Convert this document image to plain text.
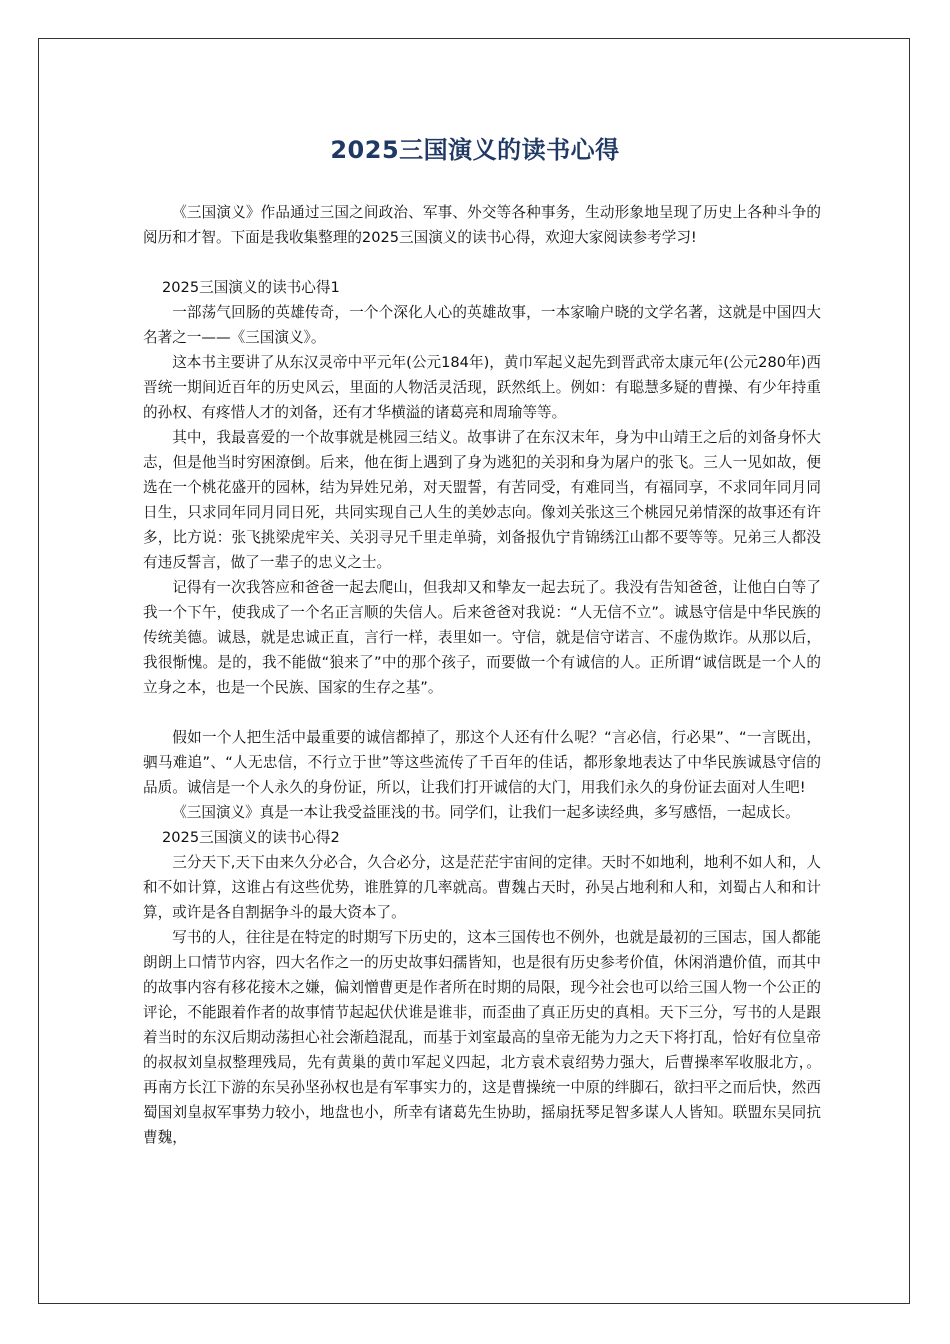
2025三国演义的读书心得

《三国演义》作品通过三国之间政治、军事、外交等各种事务，生动形象地呈现了历史上各种斗争的阅历和才智。下面是我收集整理的2025三国演义的读书心得，欢迎大家阅读参考学习!

2025三国演义的读书心得1

一部荡气回肠的英雄传奇，一个个深化人心的英雄故事，一本家喻户晓的文学名著，这就是中国四大名著之一——《三国演义》。

这本书主要讲了从东汉灵帝中平元年(公元184年)，黄巾军起义起先到晋武帝太康元年(公元280年)西晋统一期间近百年的历史风云，里面的人物活灵活现，跃然纸上。例如：有聪慧多疑的曹操、有少年持重的孙权、有疼惜人才的刘备，还有才华横溢的诸葛亮和周瑜等等。

其中，我最喜爱的一个故事就是桃园三结义。故事讲了在东汉末年，身为中山靖王之后的刘备身怀大志，但是他当时穷困潦倒。后来，他在街上遇到了身为逃犯的关羽和身为屠户的张飞。三人一见如故，便选在一个桃花盛开的园林，结为异姓兄弟，对天盟誓，有苦同受，有难同当，有福同享，不求同年同月同日生，只求同年同月同日死，共同实现自己人生的美妙志向。像刘关张这三个桃园兄弟情深的故事还有许多，比方说：张飞挑梁虎牢关、关羽寻兄千里走单骑，刘备报仇宁肯锦绣江山都不要等等。兄弟三人都没有违反誓言，做了一辈子的忠义之士。

记得有一次我答应和爸爸一起去爬山，但我却又和挚友一起去玩了。我没有告知爸爸，让他白白等了我一个下午，使我成了一个名正言顺的失信人。后来爸爸对我说：“人无信不立”。诚恳守信是中华民族的传统美德。诚恳，就是忠诚正直，言行一样，表里如一。守信，就是信守诺言、不虚伪欺诈。从那以后，我很惭愧。是的，我不能做“狼来了”中的那个孩子，而要做一个有诚信的人。正所谓“诚信既是一个人的立身之本，也是一个民族、国家的生存之基”。

假如一个人把生活中最重要的诚信都掉了，那这个人还有什么呢？“言必信，行必果”、“一言既出，驷马难追”、“人无忠信，不行立于世”等这些流传了千百年的佳话，都形象地表达了中华民族诚恳守信的品质。诚信是一个人永久的身份证，所以，让我们打开诚信的大门，用我们永久的身份证去面对人生吧!

《三国演义》真是一本让我受益匪浅的书。同学们，让我们一起多读经典，多写感悟，一起成长。

2025三国演义的读书心得2

三分天下,天下由来久分必合，久合必分，这是茫茫宇宙间的定律。天时不如地利，地利不如人和，人和不如计算，这谁占有这些优势，谁胜算的几率就高。曹魏占天时，孙吴占地利和人和，刘蜀占人和和计算，或许是各自割据争斗的最大资本了。

写书的人，往往是在特定的时期写下历史的，这本三国传也不例外，也就是最初的三国志，国人都能朗朗上口情节内容，四大名作之一的历史故事妇孺皆知，也是很有历史参考价值，休闲消遣价值，而其中的故事内容有移花接木之嫌，偏刘憎曹更是作者所在时期的局限，现今社会也可以给三国人物一个公正的评论，不能跟着作者的故事情节起起伏伏谁是谁非，而歪曲了真正历史的真相。天下三分，写书的人是跟着当时的东汉后期动荡担心社会渐趋混乱，而基于刘室最高的皇帝无能为力之天下将打乱，恰好有位皇帝的叔叔刘皇叔整理残局，先有黄巢的黄巾军起义四起，北方袁术袁绍势力强大，后曹操率军收服北方，。再南方长江下游的东吴孙坚孙权也是有军事实力的，这是曹操统一中原的绊脚石，欲扫平之而后快，然西蜀国刘皇叔军事势力较小，地盘也小，所幸有诸葛先生协助，摇扇抚琴足智多谋人人皆知。联盟东吴同抗曹魏，
